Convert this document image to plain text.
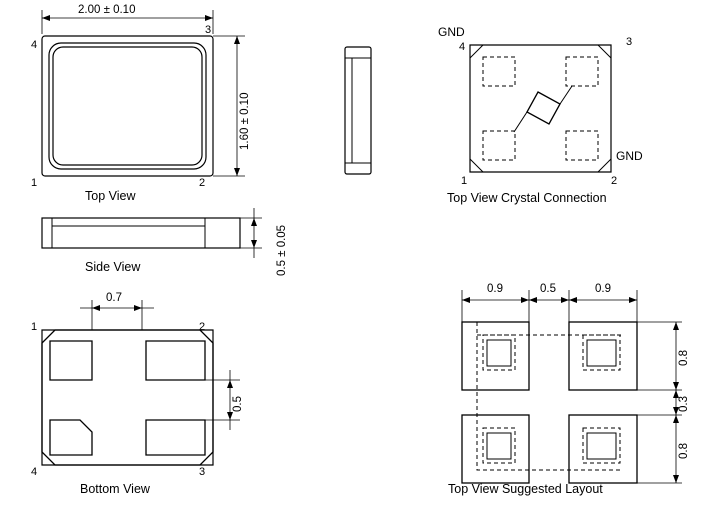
2.00 ± 0.10
1.60 ± 0.10
4
3
1	2
Top View
GND
GND
4	3
1	2
Top View Crystal Connection
Side View	0.5 ± 0.05
0.7
0.5
1	2
4	3
Bottom View
0.9	0.5	0.9
0.8
0.3
0.8
Top View Suggested Layout
